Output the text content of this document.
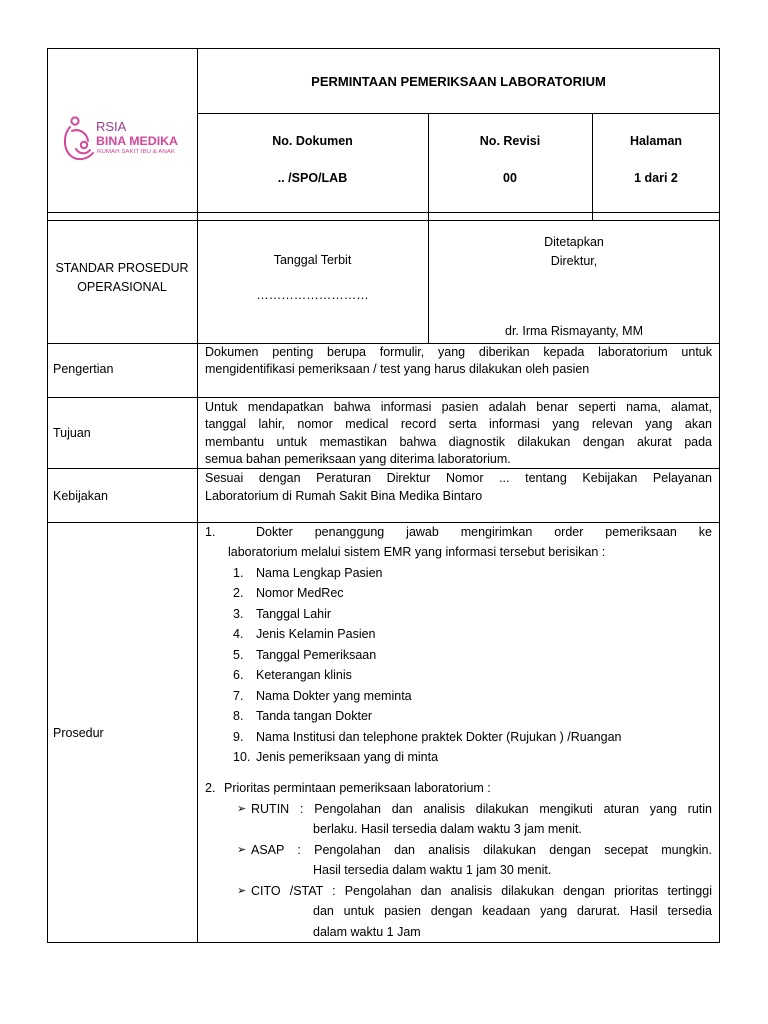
RSIA
BINA MEDIKA
RUMAH SAKIT IBU & ANAK
PERMINTAAN PEMERIKSAAN LABORATORIUM
No. Dokumen
.. /SPO/LAB
No. Revisi
00
Halaman
1 dari 2
STANDAR PROSEDUR
OPERASIONAL
Tanggal Terbit
………………………
Ditetapkan
Direktur,
dr. Irma Rismayanty, MM
Pengertian
Dokumen penting berupa formulir, yang diberikan kepada laboratorium untuk
mengidentifikasi pemeriksaan / test yang harus dilakukan oleh pasien
Tujuan
Untuk mendapatkan bahwa informasi pasien adalah benar seperti nama, alamat,
tanggal lahir, nomor medical record serta informasi yang relevan yang akan
membantu untuk memastikan bahwa diagnostik dilakukan dengan akurat pada
semua bahan pemeriksaan yang diterima laboratorium.
Kebijakan
Sesuai dengan Peraturan Direktur Nomor ... tentang Kebijakan Pelayanan
Laboratorium di Rumah Sakit Bina Medika Bintaro
Prosedur
1.	Dokter penanggung jawab mengirimkan order pemeriksaan ke
laboratorium melalui sistem EMR yang informasi tersebut berisikan :
1. Nama Lengkap Pasien
2. Nomor MedRec
3. Tanggal Lahir
4. Jenis Kelamin Pasien
5. Tanggal Pemeriksaan
6. Keterangan klinis
7. Nama Dokter yang meminta
8. Tanda tangan Dokter
9. Nama Institusi dan telephone praktek Dokter (Rujukan ) /Ruangan
10. Jenis pemeriksaan yang di minta
2. Prioritas permintaan pemeriksaan laboratorium :
➢ RUTIN : Pengolahan dan analisis dilakukan mengikuti aturan yang rutin
berlaku. Hasil tersedia dalam waktu 3 jam menit.
➢ ASAP : Pengolahan dan analisis dilakukan dengan secepat mungkin.
Hasil tersedia dalam waktu 1 jam 30 menit.
➢ CITO /STAT : Pengolahan dan analisis dilakukan dengan prioritas tertinggi
dan untuk pasien dengan keadaan yang darurat. Hasil tersedia
dalam waktu 1 Jam
